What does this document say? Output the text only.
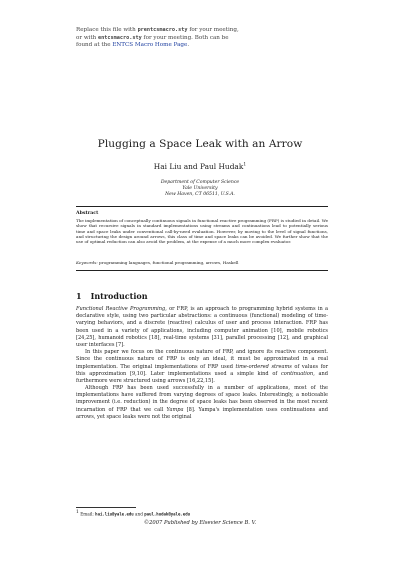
Replace this file with prentcsmacro.sty for your meeting,
or with entcsmacro.sty for your meeting. Both can be
found at the ENTCS Macro Home Page.
Plugging a Space Leak with an Arrow
Hai Liu and Paul Hudak$^1$
Department of Computer Science
Yale University
New Haven, CT 06511, U.S.A.
Abstract
The implementation of conceptually continuous signals in functional reactive programming (FRP) is studied in detail. We show that recursive signals in standard implementations using streams and continuations lead to potentially serious time and space leaks under conventional call-by-need evaluation. However, by moving to the level of signal functions, and structuring the design around arrows, this class of time and space leaks can be avoided. We further show that the use of optimal reduction can also avoid the problem, at the expense of a much more complex evaluator.
Keywords: programming languages, functional programming, arrows, Haskell
1 Introduction

Functional Reactive Programming, or FRP, is an approach to programming hybrid systems in a declarative style, using two particular abstractions: a continuous (functional) modeling of time-varying behaviors, and a discrete (reactive) calculus of user and process interaction. FRP has been used in a variety of applications, including computer animation [10], mobile robotics [24,25], humanoid robotics [18], real-time systems [31], parallel processing [12], and graphical user interfaces [7].

In this paper we focus on the continuous nature of FRP, and ignore its reactive component. Since the continuous nature of FRP is only an ideal, it must be approximated in a real implementation. The original implementations of FRP used time-ordered streams of values for this approximation [9,10]. Later implementations used a simple kind of continuation, and furthermore were structured using arrows [16,22,15].

Although FRP has been used successfully in a number of applications, most of the implementations have suffered from varying degrees of space leaks. Interestingly, a noticeable improvement (i.e. reduction) in the degree of space leaks has been observed in the most recent incarnation of FRP that we call Yampa [8]. Yampa's implementation uses continuations and arrows, yet space leaks were not the original

$^1$ Email: hai.liu@yale.edu and paul.hudak@yale.edu
©2007 Published by Elsevier Science B. V.
